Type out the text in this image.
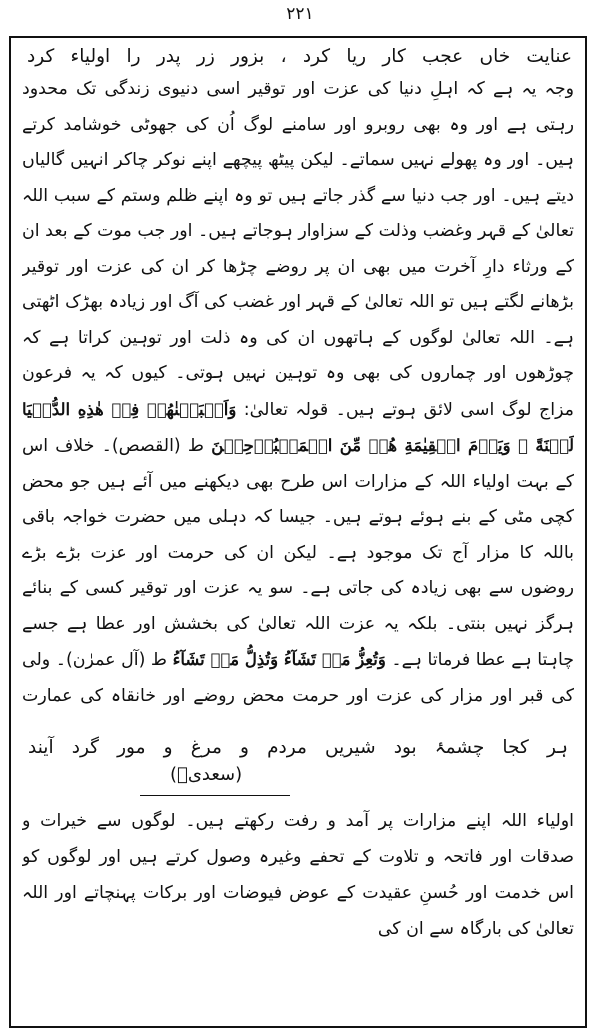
۲۲۱
عنایت خاں عجب کار ریا کرد ، بزور زر پدر را اولیاء کرد
وجہ یہ ہے کہ اہلِ دنیا کی عزت اور توقیر اسی دنیوی زندگی تک محدود رہتی ہے اور وہ بھی روبرو اور سامنے لوگ اُن کی جھوٹی خوشامد کرتے ہیں۔ اور وہ پھولے نہیں سماتے۔ لیکن پیٹھ پیچھے اپنے نوکر چاکر انہیں گالیاں دیتے ہیں۔ اور جب دنیا سے گذر جاتے ہیں تو وہ اپنے ظلم وستم کے سبب اللہ تعالیٰ کے قہر وغضب وذلت کے سزاوار ہوجاتے ہیں۔ اور جب موت کے بعد ان کے ورثاء دارِ آخرت میں بھی ان پر روضے چڑھا کر ان کی عزت اور توقیر بڑھانے لگتے ہیں تو اللہ تعالیٰ کے قہر اور غضب کی آگ اور زیادہ بھڑک اٹھتی ہے۔ اللہ تعالیٰ لوگوں کے ہاتھوں ان کی وہ ذلت اور توہین کراتا ہے کہ چوڑھوں اور چماروں کی بھی وہ توہین نہیں ہوتی۔ کیوں کہ یہ فرعون مزاج لوگ اسی لائق ہوتے ہیں۔ قولہ تعالیٰ: وَاَتۡبَعۡنٰهُمۡ فِیۡ هٰذِهِ الدُّنۡیَا لَعۡنَةً ۚ وَیَوۡمَ الۡقِیٰمَةِ هُمۡ مِّنَ الۡمَقۡبُوۡحِیۡنَ ط (القصص)۔ خلاف اس کے بہت اولیاء اللہ کے مزارات اس طرح بھی دیکھنے میں آئے ہیں جو محض کچی مٹی کے بنے ہوئے ہوتے ہیں۔ جیسا کہ دہلی میں حضرت خواجہ باقی باللہ کا مزار آج تک موجود ہے۔ لیکن ان کی حرمت اور عزت بڑے بڑے روضوں سے بھی زیادہ کی جاتی ہے۔ سو یہ عزت اور توقیر کسی کے بنائے ہرگز نہیں بنتی۔ بلکہ یہ عزت اللہ تعالیٰ کی بخشش اور عطا ہے جسے چاہتا ہے عطا فرماتا ہے۔ وَتُعِزُّ مَنۡ تَشَآءُ وَتُذِلُّ مَنۡ تَشَآءُ ط (آل عمرٰن)۔ ولی کی قبر اور مزار کی عزت اور حرمت محض روضے اور خانقاہ کی عمارت
ہر کجا چشمۂ بود شیریں مردم و مرغ و مور گرد آیند
(سعدیؒ)
اولیاء اللہ اپنے مزارات پر آمد و رفت رکھتے ہیں۔ لوگوں سے خیرات و صدقات اور فاتحہ و تلاوت کے تحفے وغیرہ وصول کرتے ہیں اور لوگوں کو اس خدمت اور حُسنِ عقیدت کے عوض فیوضات اور برکات پہنچاتے اور اللہ تعالیٰ کی بارگاہ سے ان کی
